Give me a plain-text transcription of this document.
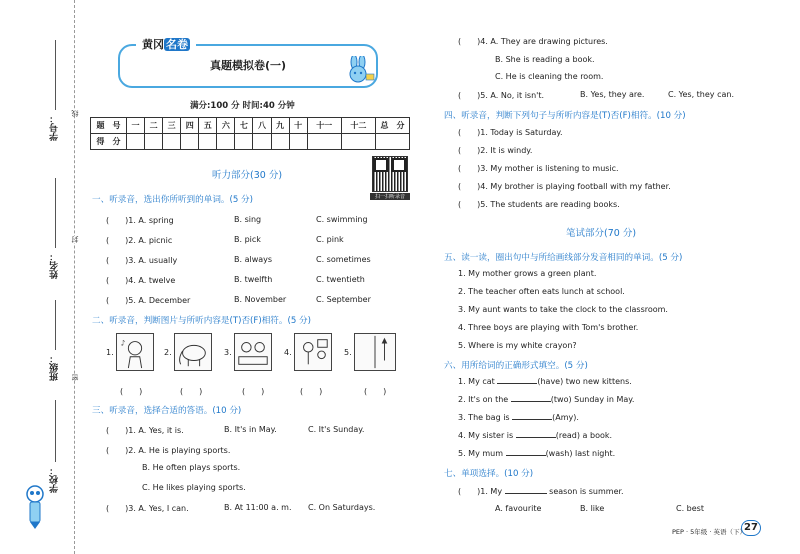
学号：
姓名：
班级：
学校：
线
封
密
黄冈 名卷
真题模拟卷(一)
满分:100 分 时间:40 分钟
题　号	一	二	三	四	五	六	七	八	九	十	十一	十二	总　分
得　分													
听力部分(30 分)
扫一扫听录音
一、听录音，选出你所听到的单词。(5 分)
(　　)1. A. spring	B. sing	C. swimming
(　　)2. A. picnic	B. pick	C. pink
(　　)3. A. usually	B. always	C. sometimes
(　　)4. A. twelve	B. twelfth	C. twentieth
(　　)5. A. December	B. November	C. September
二、听录音，判断图片与所听内容是(T)否(F)相符。(5 分)
1.
♪
2.	3.	4.	5.
(　　)	(　　)	(　　)	(　　)	(　　)
三、听录音，选择合适的答语。(10 分)
(　　)1. A. Yes, it is.	B. It's in May.	C. It's Sunday.
(　　)2. A. He is playing sports.
B. He often plays sports.
C. He likes playing sports.
(　　)3. A. Yes, I can.	B. At 11:00 a. m. C. On Saturdays.
(　　)4. A. They are drawing pictures.
B. She is reading a book.
C. He is cleaning the room.
(　　)5. A. No, it isn't.	B. Yes, they are.	C. Yes, they can.
四、听录音，判断下列句子与所听内容是(T)否(F)相符。(10 分)
(　　)1. Today is Saturday.
(　　)2. It is windy.
(　　)3. My mother is listening to music.
(　　)4. My brother is playing football with my father.
(　　)5. The students are reading books.
笔试部分(70 分)
五、读一读，圈出句中与所给画线部分发音相同的单词。(5 分)
1. My mother grows a green plant.
2. The teacher often eats lunch at school.
3. My aunt wants to take the clock to the classroom.
4. Three boys are playing with Tom's brother.
5. Where is my white crayon?
六、用所给词的正确形式填空。(5 分)
1. My cat	(have) two new kittens.
2. It's on the	(two) Sunday in May.
3. The bag is	(Amy).
4. My sister is	(read) a book.
5. My mum	(wash) last night.
七、单项选择。(10 分)
(　　)1. My	season is summer.
A. favourite	B. like	C. best
PEP · 5年级 · 英语（下）
27
